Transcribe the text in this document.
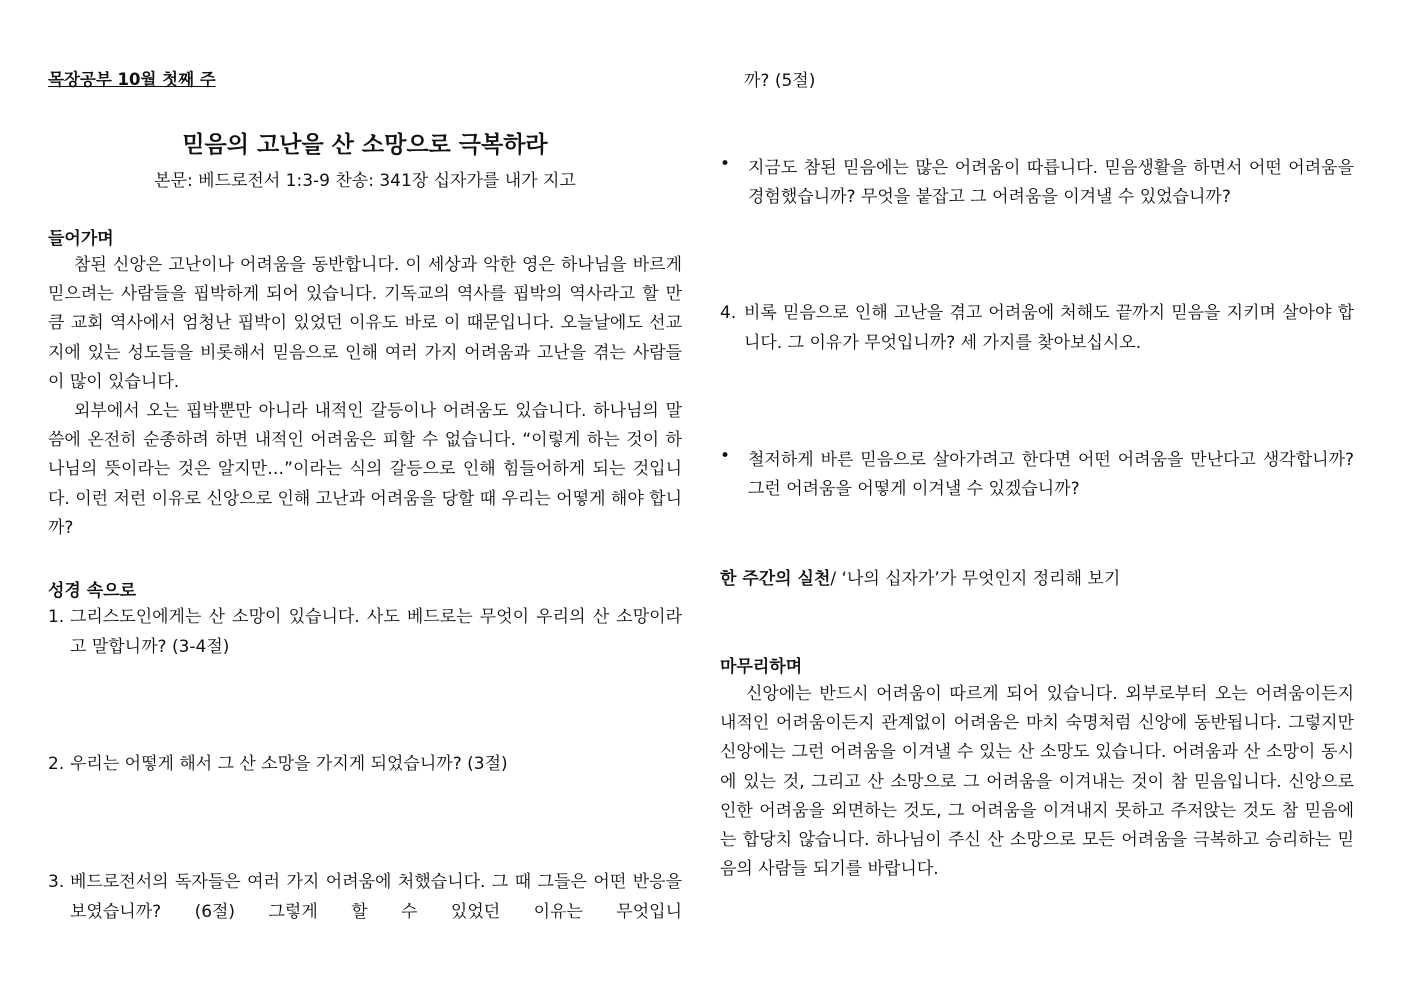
목장공부 10월 첫째 주
믿음의 고난을 산 소망으로 극복하라
본문: 베드로전서 1:3-9 찬송: 341장 십자가를 내가 지고
들어가며

참된 신앙은 고난이나 어려움을 동반합니다. 이 세상과 악한 영은 하나님을 바르게 믿으려는 사람들을 핍박하게 되어 있습니다. 기독교의 역사를 핍박의 역사라고 할 만큼 교회 역사에서 엄청난 핍박이 있었던 이유도 바로 이 때문입니다. 오늘날에도 선교지에 있는 성도들을 비롯해서 믿음으로 인해 여러 가지 어려움과 고난을 겪는 사람들이 많이 있습니다.

외부에서 오는 핍박뿐만 아니라 내적인 갈등이나 어려움도 있습니다. 하나님의 말씀에 온전히 순종하려 하면 내적인 어려움은 피할 수 없습니다. “이렇게 하는 것이 하나님의 뜻이라는 것은 알지만…”이라는 식의 갈등으로 인해 힘들어하게 되는 것입니다. 이런 저런 이유로 신앙으로 인해 고난과 어려움을 당할 때 우리는 어떻게 해야 합니까?

성경 속으로
1. 그리스도인에게는 산 소망이 있습니다. 사도 베드로는 무엇이 우리의 산 소망이라고 말합니까? (3-4절)
2. 우리는 어떻게 해서 그 산 소망을 가지게 되었습니까? (3절)
3. 베드로전서의 독자들은 여러 가지 어려움에 처했습니다. 그 때 그들은 어떤 반응을 보였습니까? (6절) 그렇게 할 수 있었던 이유는 무엇입니
까? (5절)
• 지금도 참된 믿음에는 많은 어려움이 따릅니다. 믿음생활을 하면서 어떤 어려움을 경험했습니까? 무엇을 붙잡고 그 어려움을 이겨낼 수 있었습니까?
4. 비록 믿음으로 인해 고난을 겪고 어려움에 처해도 끝까지 믿음을 지키며 살아야 합니다. 그 이유가 무엇입니까? 세 가지를 찾아보십시오.
• 철저하게 바른 믿음으로 살아가려고 한다면 어떤 어려움을 만난다고 생각합니까? 그런 어려움을 어떻게 이겨낼 수 있겠습니까?
한 주간의 실천/ ‘나의 십자가’가 무엇인지 정리해 보기
마무리하며

신앙에는 반드시 어려움이 따르게 되어 있습니다. 외부로부터 오는 어려움이든지 내적인 어려움이든지 관계없이 어려움은 마치 숙명처럼 신앙에 동반됩니다. 그렇지만 신앙에는 그런 어려움을 이겨낼 수 있는 산 소망도 있습니다. 어려움과 산 소망이 동시에 있는 것, 그리고 산 소망으로 그 어려움을 이겨내는 것이 참 믿음입니다. 신앙으로 인한 어려움을 외면하는 것도, 그 어려움을 이겨내지 못하고 주저앉는 것도 참 믿음에는 합당치 않습니다. 하나님이 주신 산 소망으로 모든 어려움을 극복하고 승리하는 믿음의 사람들 되기를 바랍니다.
